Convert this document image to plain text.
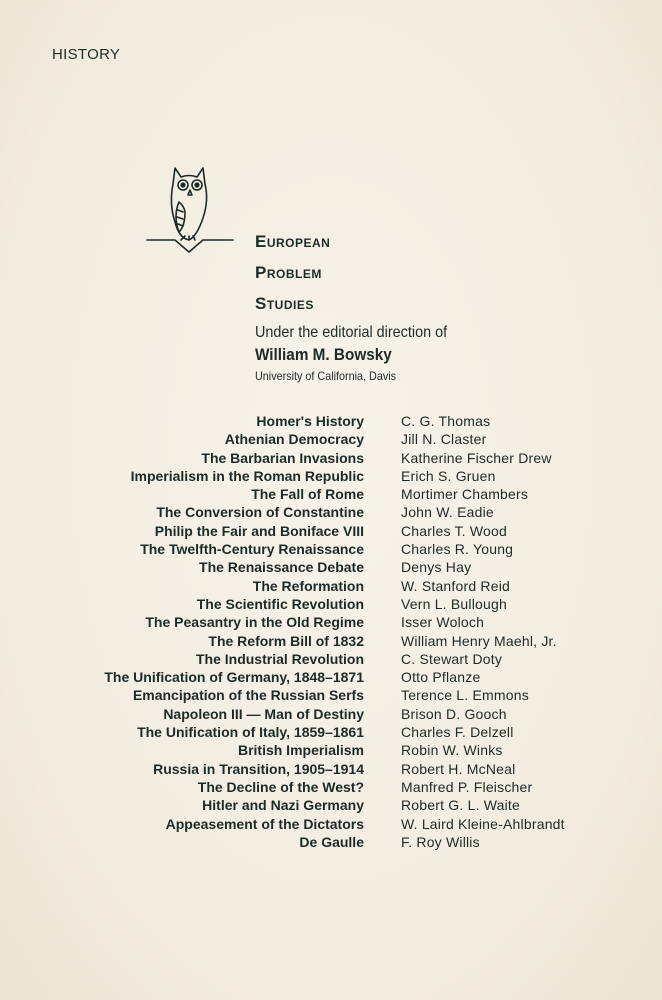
HISTORY
European
Problem
Studies
Under the editorial direction of
William M. Bowsky
University of California, Davis
Homer's History	C. G. Thomas
Athenian Democracy	Jill N. Claster
The Barbarian Invasions	Katherine Fischer Drew
Imperialism in the Roman Republic	Erich S. Gruen
The Fall of Rome	Mortimer Chambers
The Conversion of Constantine	John W. Eadie
Philip the Fair and Boniface VIII	Charles T. Wood
The Twelfth-Century Renaissance	Charles R. Young
The Renaissance Debate	Denys Hay
The Reformation	W. Stanford Reid
The Scientific Revolution	Vern L. Bullough
The Peasantry in the Old Regime	Isser Woloch
The Reform Bill of 1832	William Henry Maehl, Jr.
The Industrial Revolution	C. Stewart Doty
The Unification of Germany, 1848–1871	Otto Pflanze
Emancipation of the Russian Serfs	Terence L. Emmons
Napoleon III — Man of Destiny	Brison D. Gooch
The Unification of Italy, 1859–1861	Charles F. Delzell
British Imperialism	Robin W. Winks
Russia in Transition, 1905–1914	Robert H. McNeal
The Decline of the West?	Manfred P. Fleischer
Hitler and Nazi Germany	Robert G. L. Waite
Appeasement of the Dictators	W. Laird Kleine-Ahlbrandt
De Gaulle	F. Roy Willis
